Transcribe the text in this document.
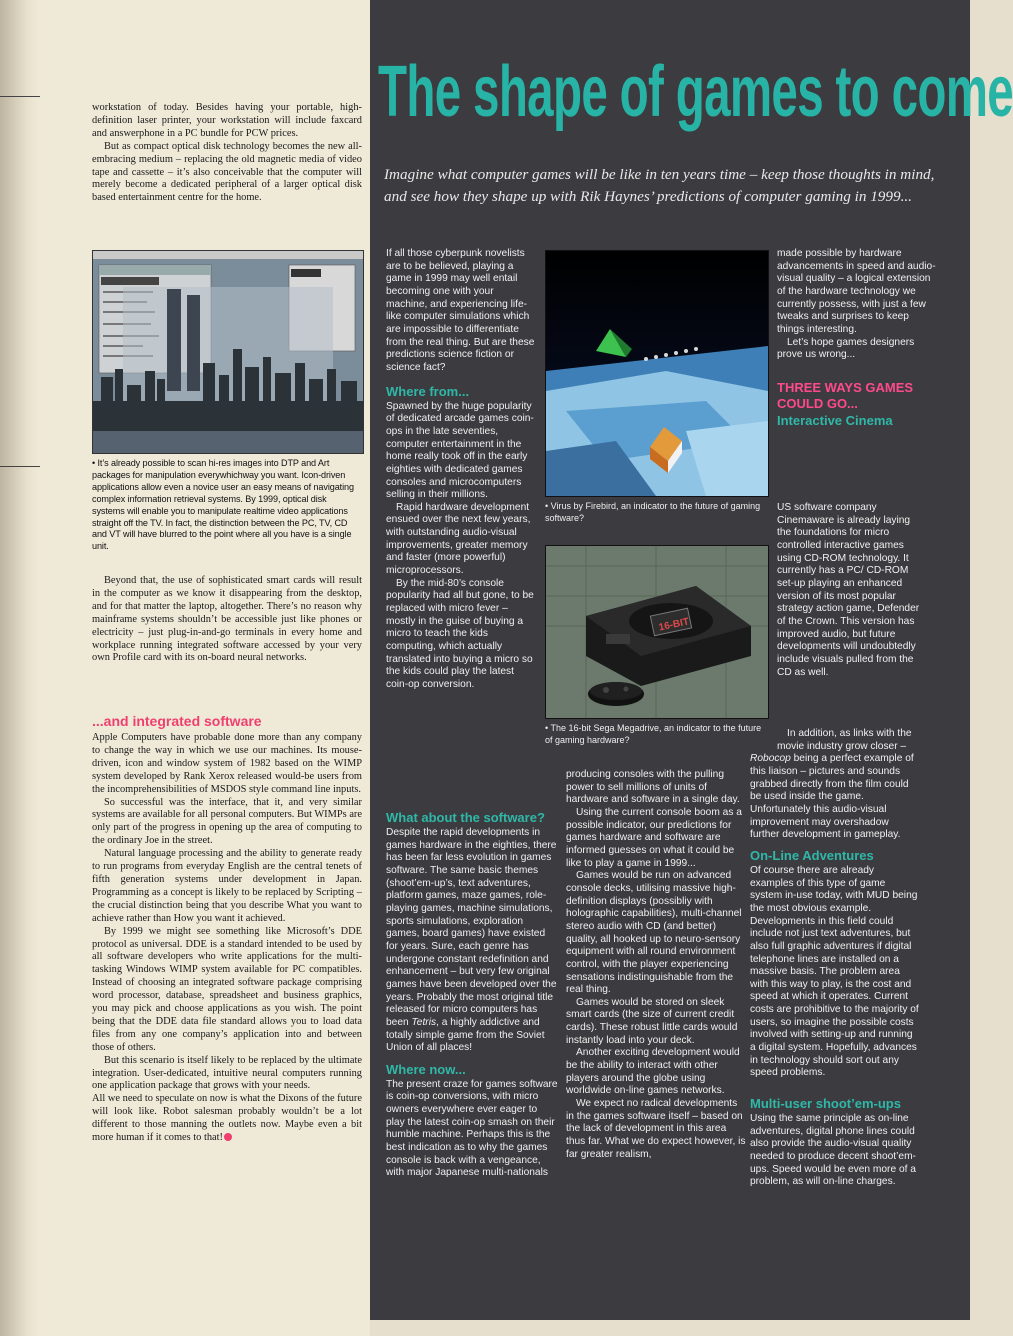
workstation of today. Besides having your portable, high-definition laser printer, your workstation will include faxcard and answerphone in a PC bundle for PCW prices.

But as compact optical disk technology becomes the new all-embracing medium – replacing the old magnetic media of video tape and cassette – it’s also conceivable that the computer will merely become a dedicated peripheral of a larger optical disk based entertainment centre for the home.

• It’s already possible to scan hi-res images into DTP and Art packages for manipulation everywhichway you want. Icon-driven applications allow even a novice user an easy means of navigating complex information retrieval systems. By 1999, optical disk systems will enable you to manipulate realtime video applications straight off the TV. In fact, the distinction between the PC, TV, CD and VT will have blurred to the point where all you have is a single unit.

Beyond that, the use of sophisticated smart cards will result in the computer as we know it disappearing from the desktop, and for that matter the laptop, altogether. There’s no reason why mainframe systems shouldn’t be accessible just like phones or electricity – just plug-in-and-go terminals in every home and workplace running integrated software accessed by your very own Profile card with its on-board neural networks.

...and integrated software

Apple Computers have probable done more than any company to change the way in which we use our machines. Its mouse-driven, icon and window system of 1982 based on the WIMP system developed by Rank Xerox released would-be users from the incomprehensibilities of MSDOS style command line inputs.

So successful was the interface, that it, and very similar systems are available for all personal computers. But WIMPs are only part of the progress in opening up the area of computing to the ordinary Joe in the street.

Natural language processing and the ability to generate ready to run programs from everyday English are the central tenets of fifth generation systems under development in Japan. Programming as a concept is likely to be replaced by Scripting – the crucial distinction being that you describe What you want to achieve rather than How you want it achieved.

By 1999 we might see something like Microsoft’s DDE protocol as universal. DDE is a standard intended to be used by all software developers who write applications for the multi-tasking Windows WIMP system available for PC compatibles. Instead of choosing an integrated software package comprising word processor, database, spreadsheet and business graphics, you may pick and choose applications as you wish. The point being that the DDE data file standard allows you to load data files from any one company’s application into and between those of others.

But this scenario is itself likely to be replaced by the ultimate integration. User-dedicated, intuitive neural computers running one application package that grows with your needs.

All we need to speculate on now is what the Dixons of the future will look like. Robot salesman probably wouldn’t be a lot different to those manning the outlets now. Maybe even a bit more human if it comes to that!

The shape of games to come
Imagine what computer games will be like in ten years time – keep those thoughts in mind, and see how they shape up with Rik Haynes’ predictions of computer gaming in 1999...

If all those cyberpunk novelists are to be believed, playing a game in 1999 may well entail becoming one with your machine, and experiencing life-like computer simulations which are impossible to differentiate from the real thing. But are these predictions science fiction or science fact?

Where from...

Spawned by the huge popularity of dedicated arcade games coin-ops in the late seventies, computer entertainment in the home really took off in the early eighties with dedicated games consoles and microcomputers selling in their millions.

Rapid hardware development ensued over the next few years, with outstanding audio-visual improvements, greater memory and faster (more powerful) microprocessors.

By the mid-80’s console popularity had all but gone, to be replaced with micro fever – mostly in the guise of buying a micro to teach the kids computing, which actually translated into buying a micro so the kids could play the latest coin-op conversion.

What about the software?

Despite the rapid developments in games hardware in the eighties, there has been far less evolution in games software. The same basic themes (shoot’em-up’s, text adventures, platform games, maze games, role-playing games, machine simulations, sports simulations, exploration games, board games) have existed for years. Sure, each genre has undergone constant redefinition and enhancement – but very few original games have been developed over the years. Probably the most original title released for micro computers has been Tetris, a highly addictive and totally simple game from the Soviet Union of all places!

Where now...

The present craze for games software is coin-op conversions, with micro owners everywhere ever eager to play the latest coin-op smash on their humble machine. Perhaps this is the best indication as to why the games console is back with a vengeance, with major Japanese multi-nationals

• Virus by Firebird, an indicator to the future of gaming software?
16-BIT
• The 16-bit Sega Megadrive, an indicator to the future of gaming hardware?

producing consoles with the pulling power to sell millions of units of hardware and software in a single day.

Using the current console boom as a possible indicator, our predictions for games hardware and software are informed guesses on what it could be like to play a game in 1999...

Games would be run on advanced console decks, utilising massive high-definition displays (possibliy with holographic capabilities), multi-channel stereo audio with CD (and better) quality, all hooked up to neuro-sensory equipment with all round environment control, with the player experiencing sensations indistinguishable from the real thing.

Games would be stored on sleek smart cards (the size of current credit cards). These robust little cards would instantly load into your deck.

Another exciting development would be the ability to interact with other players around the globe using worldwide on-line games networks.

We expect no radical developments in the games software itself – based on the lack of development in this area thus far. What we do expect however, is far greater realism,

made possible by hardware advancements in speed and audio-visual quality – a logical extension of the hardware technology we currently possess, with just a few tweaks and surprises to keep things interesting.

Let’s hope games designers prove us wrong...

THREE WAYS GAMES COULD GO...
Interactive Cinema

US software company Cinemaware is already laying the foundations for micro controlled interactive games using CD-ROM technology. It currently has a PC/ CD-ROM set-up playing an enhanced version of its most popular strategy action game, Defender of the Crown. This version has improved audio, but future developments will undoubtedly include visuals pulled from the CD as well.

In addition, as links with the movie industry grow closer –

Robocop being a perfect example of this liaison – pictures and sounds grabbed directly from the film could be used inside the game. Unfortunately this audio-visual improvement may overshadow further development in gameplay.

On-Line Adventures

Of course there are already examples of this type of game system in-use today, with MUD being the most obvious example. Developments in this field could include not just text adventures, but also full graphic adventures if digital telephone lines are installed on a massive basis. The problem area with this way to play, is the cost and speed at which it operates. Current costs are prohibitive to the majority of users, so imagine the possible costs involved with setting-up and running a digital system. Hopefully, advances in technology should sort out any speed problems.

Multi-user shoot’em-ups

Using the same principle as on-line adventures, digital phone lines could also provide the audio-visual quality needed to produce decent shoot’em-ups. Speed would be even more of a problem, as will on-line charges.
